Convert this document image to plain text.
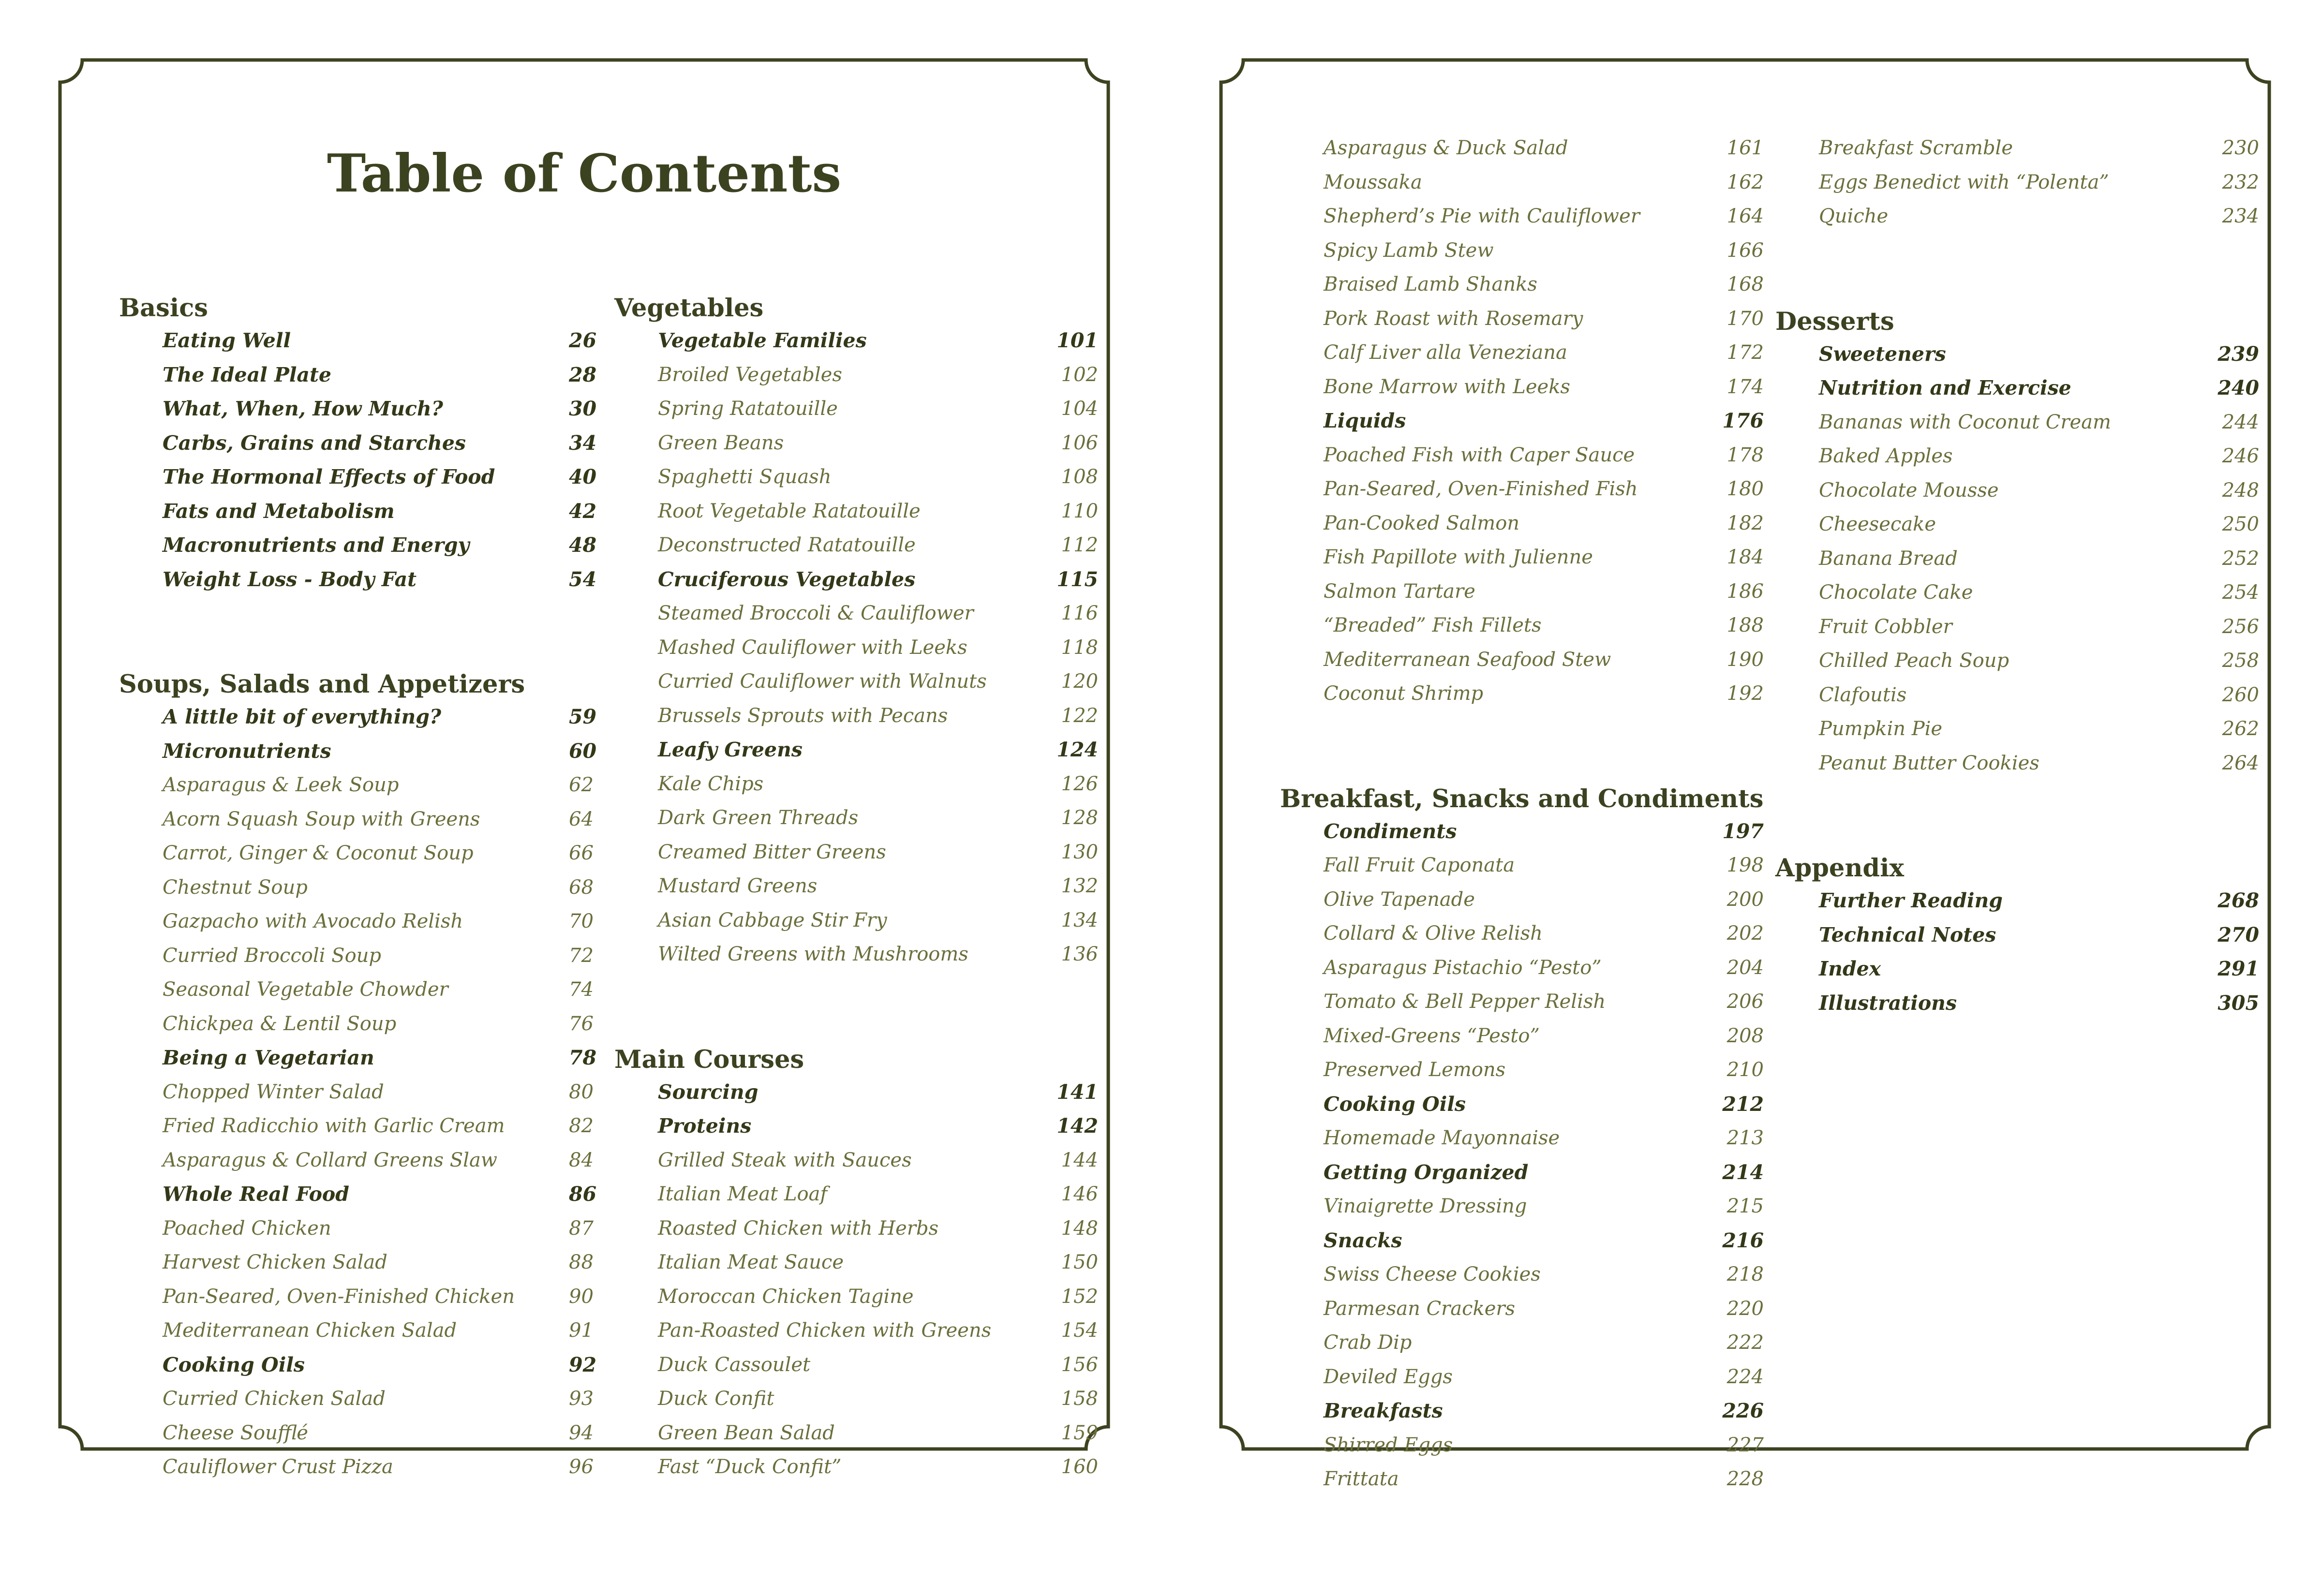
Table of Contents
Basics
Eating Well	26
The Ideal Plate	28
What, When, How Much?	30
Carbs, Grains and Starches	34
The Hormonal Effects of Food	40
Fats and Metabolism	42
Macronutrients and Energy	48
Weight Loss - Body Fat	54
Soups, Salads and Appetizers
A little bit of everything?	59
Micronutrients	60
Asparagus & Leek Soup	62
Acorn Squash Soup with Greens	64
Carrot, Ginger & Coconut Soup	66
Chestnut Soup	68
Gazpacho with Avocado Relish	70
Curried Broccoli Soup	72
Seasonal Vegetable Chowder	74
Chickpea & Lentil Soup	76
Being a Vegetarian	78
Chopped Winter Salad	80
Fried Radicchio with Garlic Cream	82
Asparagus & Collard Greens Slaw	84
Whole Real Food	86
Poached Chicken	87
Harvest Chicken Salad	88
Pan-Seared, Oven-Finished Chicken	90
Mediterranean Chicken Salad	91
Cooking Oils	92
Curried Chicken Salad	93
Cheese Soufflé	94
Cauliflower Crust Pizza	96
Vegetables
Vegetable Families	101
Broiled Vegetables	102
Spring Ratatouille	104
Green Beans	106
Spaghetti Squash	108
Root Vegetable Ratatouille	110
Deconstructed Ratatouille	112
Cruciferous Vegetables	115
Steamed Broccoli & Cauliflower	116
Mashed Cauliflower with Leeks	118
Curried Cauliflower with Walnuts	120
Brussels Sprouts with Pecans	122
Leafy Greens	124
Kale Chips	126
Dark Green Threads	128
Creamed Bitter Greens	130
Mustard Greens	132
Asian Cabbage Stir Fry	134
Wilted Greens with Mushrooms	136
Main Courses
Sourcing	141
Proteins	142
Grilled Steak with Sauces	144
Italian Meat Loaf	146
Roasted Chicken with Herbs	148
Italian Meat Sauce	150
Moroccan Chicken Tagine	152
Pan-Roasted Chicken with Greens	154
Duck Cassoulet	156
Duck Confit	158
Green Bean Salad	159
Fast “Duck Confit”	160
Asparagus & Duck Salad	161
Moussaka	162
Shepherd’s Pie with Cauliflower	164
Spicy Lamb Stew	166
Braised Lamb Shanks	168
Pork Roast with Rosemary	170
Calf Liver alla Veneziana	172
Bone Marrow with Leeks	174
Liquids	176
Poached Fish with Caper Sauce	178
Pan-Seared, Oven-Finished Fish	180
Pan-Cooked Salmon	182
Fish Papillote with Julienne	184
Salmon Tartare	186
“Breaded” Fish Fillets	188
Mediterranean Seafood Stew	190
Coconut Shrimp	192
Breakfast, Snacks and Condiments
Condiments	197
Fall Fruit Caponata	198
Olive Tapenade	200
Collard & Olive Relish	202
Asparagus Pistachio “Pesto”	204
Tomato & Bell Pepper Relish	206
Mixed-Greens “Pesto”	208
Preserved Lemons	210
Cooking Oils	212
Homemade Mayonnaise	213
Getting Organized	214
Vinaigrette Dressing	215
Snacks	216
Swiss Cheese Cookies	218
Parmesan Crackers	220
Crab Dip	222
Deviled Eggs	224
Breakfasts	226
Shirred Eggs	227
Frittata	228
Breakfast Scramble	230
Eggs Benedict with “Polenta”	232
Quiche	234
Desserts
Sweeteners	239
Nutrition and Exercise	240
Bananas with Coconut Cream	244
Baked Apples	246
Chocolate Mousse	248
Cheesecake	250
Banana Bread	252
Chocolate Cake	254
Fruit Cobbler	256
Chilled Peach Soup	258
Clafoutis	260
Pumpkin Pie	262
Peanut Butter Cookies	264
Appendix
Further Reading	268
Technical Notes	270
Index	291
Illustrations	305
